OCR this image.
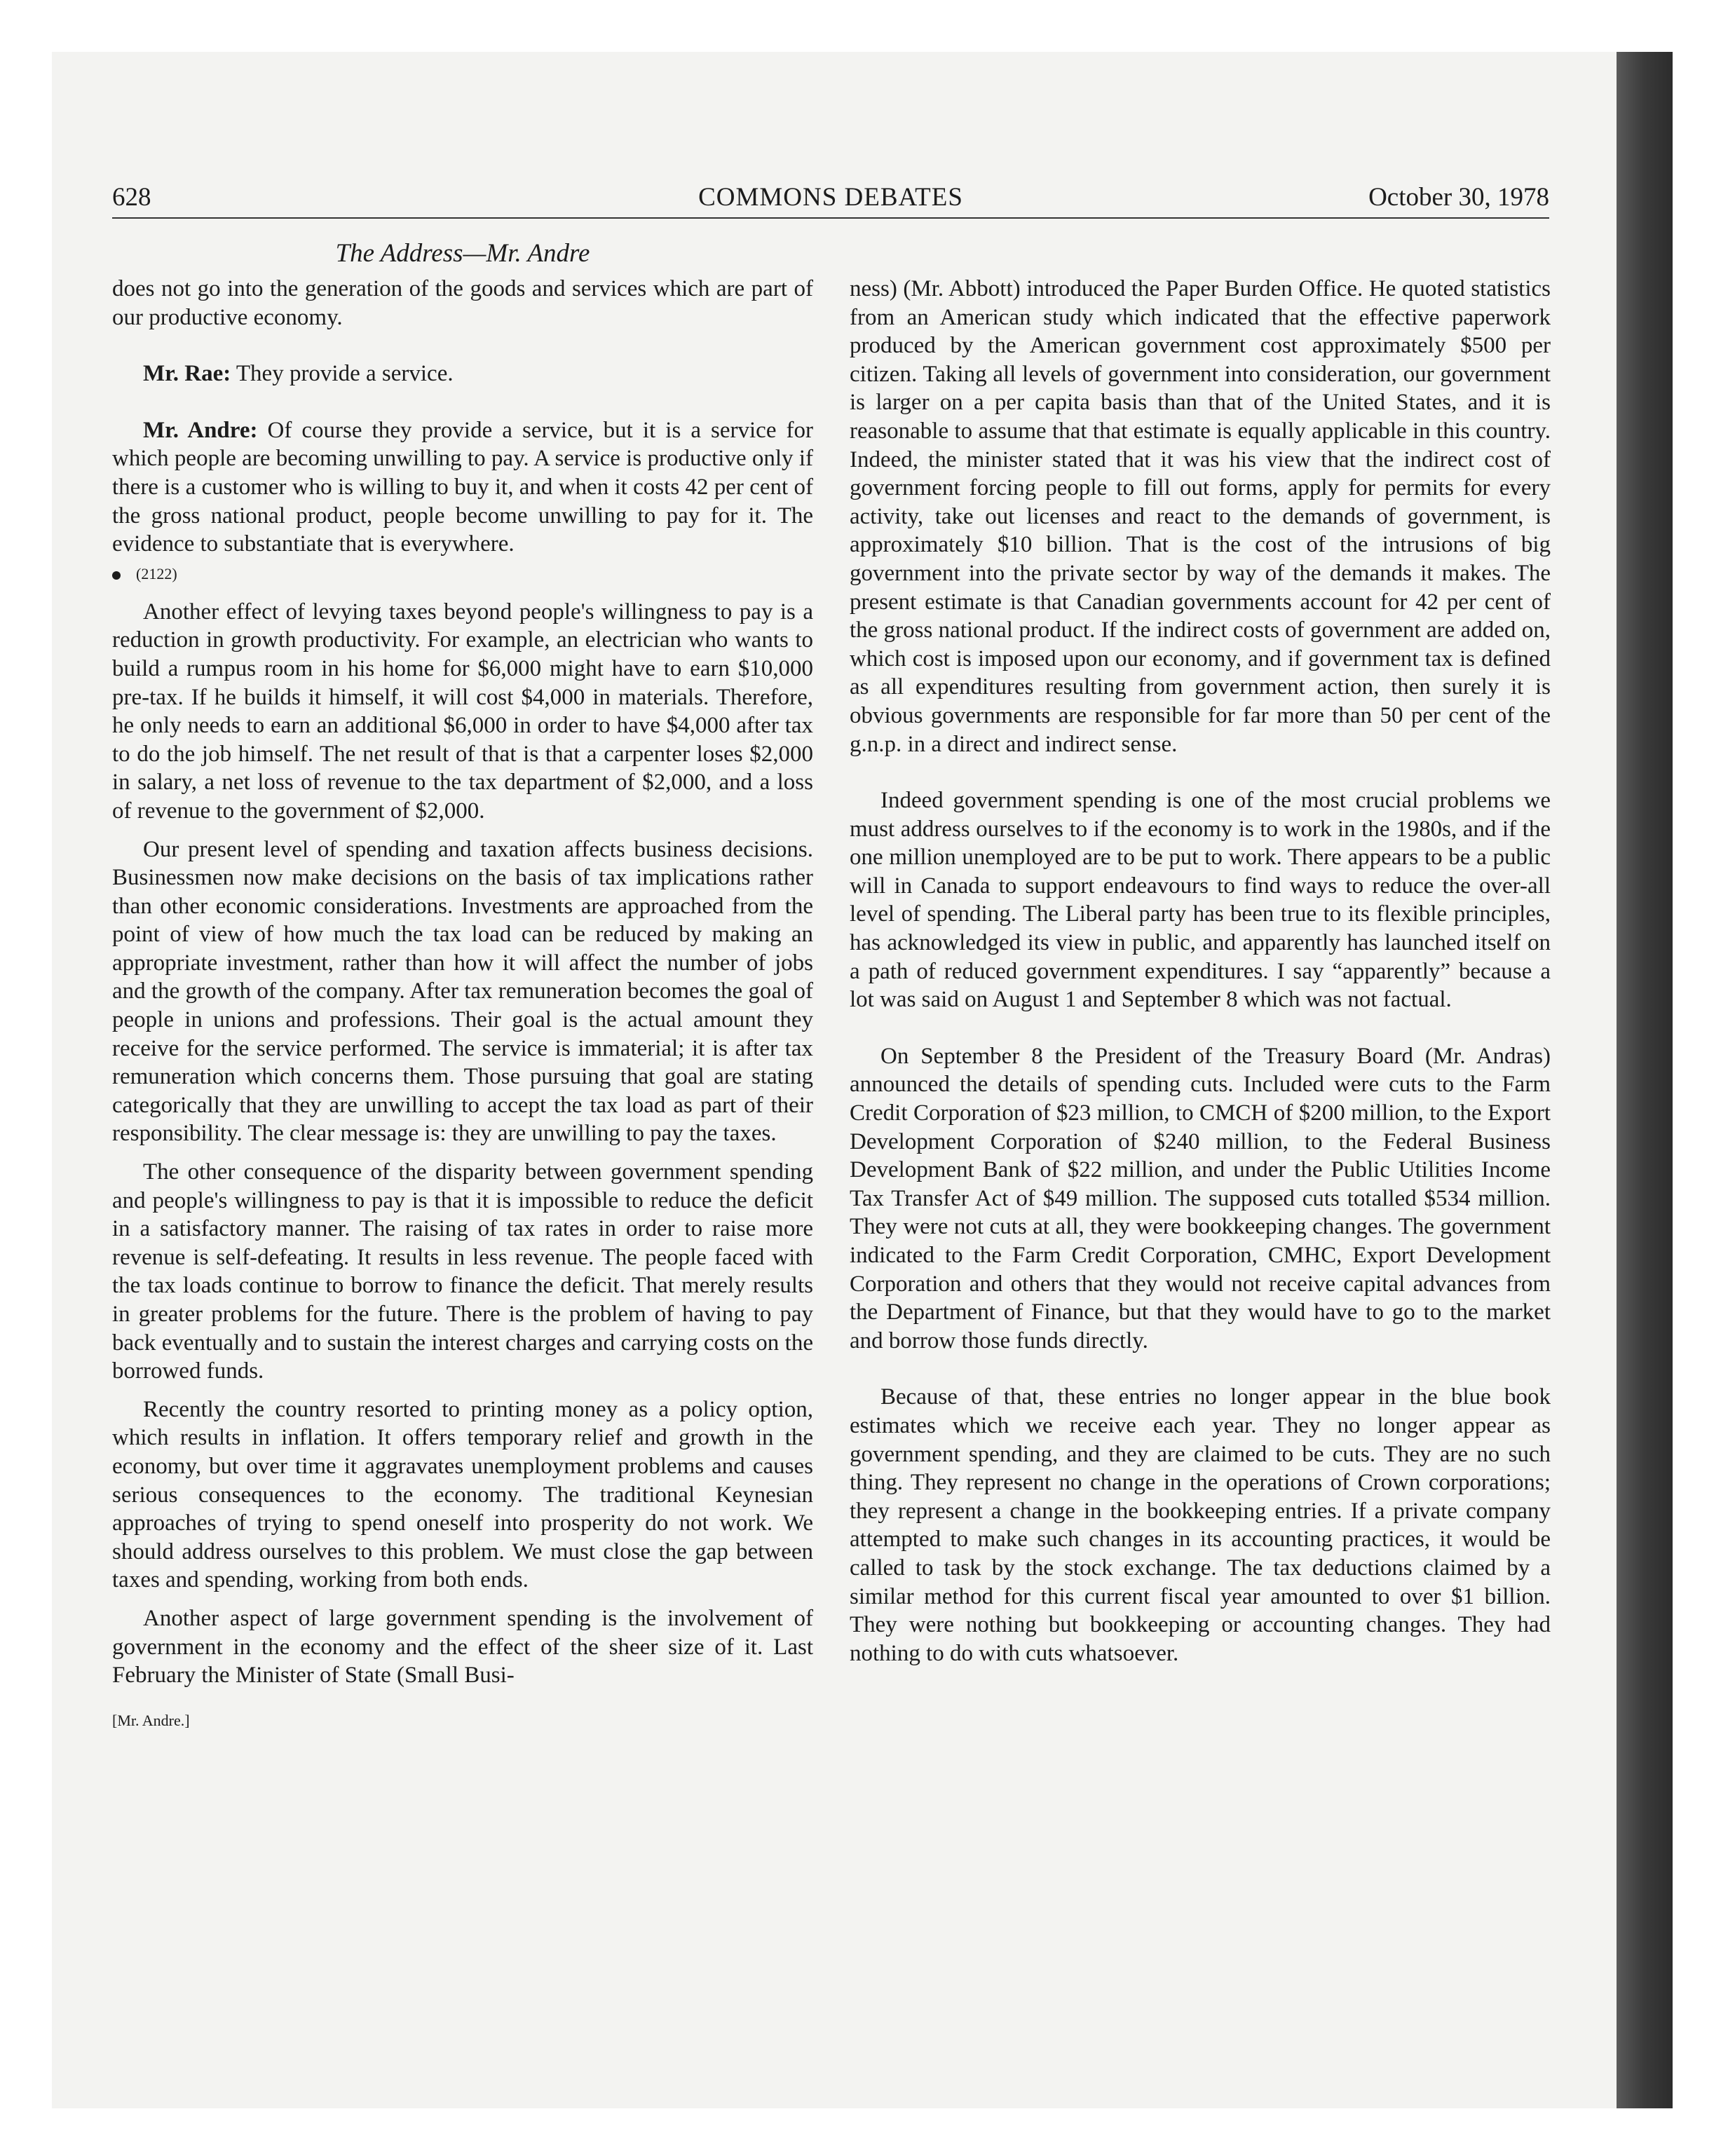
628	COMMONS DEBATES	October 30, 1978
The Address—Mr. Andre

does not go into the generation of the goods and services which are part of our productive economy.

Mr. Rae: They provide a service.

Mr. Andre: Of course they provide a service, but it is a service for which people are becoming unwilling to pay. A service is productive only if there is a customer who is willing to buy it, and when it costs 42 per cent of the gross national product, people become unwilling to pay for it. The evidence to substantiate that is everywhere.

(2122)

Another effect of levying taxes beyond people's willingness to pay is a reduction in growth productivity. For example, an electrician who wants to build a rumpus room in his home for $6,000 might have to earn $10,000 pre-tax. If he builds it himself, it will cost $4,000 in materials. Therefore, he only needs to earn an additional $6,000 in order to have $4,000 after tax to do the job himself. The net result of that is that a carpenter loses $2,000 in salary, a net loss of revenue to the tax department of $2,000, and a loss of revenue to the government of $2,000.

Our present level of spending and taxation affects business decisions. Businessmen now make decisions on the basis of tax implications rather than other economic considerations. Investments are approached from the point of view of how much the tax load can be reduced by making an appropriate investment, rather than how it will affect the number of jobs and the growth of the company. After tax remuneration becomes the goal of people in unions and professions. Their goal is the actual amount they receive for the service performed. The service is immaterial; it is after tax remuneration which concerns them. Those pursuing that goal are stating categorically that they are unwilling to accept the tax load as part of their responsibility. The clear message is: they are unwilling to pay the taxes.

The other consequence of the disparity between government spending and people's willingness to pay is that it is impossible to reduce the deficit in a satisfactory manner. The raising of tax rates in order to raise more revenue is self-defeating. It results in less revenue. The people faced with the tax loads continue to borrow to finance the deficit. That merely results in greater problems for the future. There is the problem of having to pay back eventually and to sustain the interest charges and carrying costs on the borrowed funds.

Recently the country resorted to printing money as a policy option, which results in inflation. It offers temporary relief and growth in the economy, but over time it aggravates unemployment problems and causes serious consequences to the economy. The traditional Keynesian approaches of trying to spend oneself into prosperity do not work. We should address ourselves to this problem. We must close the gap between taxes and spending, working from both ends.

Another aspect of large government spending is the involvement of government in the economy and the effect of the sheer size of it. Last February the Minister of State (Small Busi-

[Mr. Andre.]

ness) (Mr. Abbott) introduced the Paper Burden Office. He quoted statistics from an American study which indicated that the effective paperwork produced by the American government cost approximately $500 per citizen. Taking all levels of government into consideration, our government is larger on a per capita basis than that of the United States, and it is reasonable to assume that that estimate is equally applicable in this country. Indeed, the minister stated that it was his view that the indirect cost of government forcing people to fill out forms, apply for permits for every activity, take out licenses and react to the demands of government, is approximately $10 billion. That is the cost of the intrusions of big government into the private sector by way of the demands it makes. The present estimate is that Canadian governments account for 42 per cent of the gross national product. If the indirect costs of government are added on, which cost is imposed upon our economy, and if government tax is defined as all expenditures resulting from government action, then surely it is obvious governments are responsible for far more than 50 per cent of the g.n.p. in a direct and indirect sense.

Indeed government spending is one of the most crucial problems we must address ourselves to if the economy is to work in the 1980s, and if the one million unemployed are to be put to work. There appears to be a public will in Canada to support endeavours to find ways to reduce the over-all level of spending. The Liberal party has been true to its flexible principles, has acknowledged its view in public, and apparently has launched itself on a path of reduced government expenditures. I say “apparently” because a lot was said on August 1 and September 8 which was not factual.

On September 8 the President of the Treasury Board (Mr. Andras) announced the details of spending cuts. Included were cuts to the Farm Credit Corporation of $23 million, to CMCH of $200 million, to the Export Development Corporation of $240 million, to the Federal Business Development Bank of $22 million, and under the Public Utilities Income Tax Transfer Act of $49 million. The supposed cuts totalled $534 million. They were not cuts at all, they were bookkeeping changes. The government indicated to the Farm Credit Corporation, CMHC, Export Development Corporation and others that they would not receive capital advances from the Department of Finance, but that they would have to go to the market and borrow those funds directly.

Because of that, these entries no longer appear in the blue book estimates which we receive each year. They no longer appear as government spending, and they are claimed to be cuts. They are no such thing. They represent no change in the operations of Crown corporations; they represent a change in the bookkeeping entries. If a private company attempted to make such changes in its accounting practices, it would be called to task by the stock exchange. The tax deductions claimed by a similar method for this current fiscal year amounted to over $1 billion. They were nothing but bookkeeping or accounting changes. They had nothing to do with cuts whatsoever.
